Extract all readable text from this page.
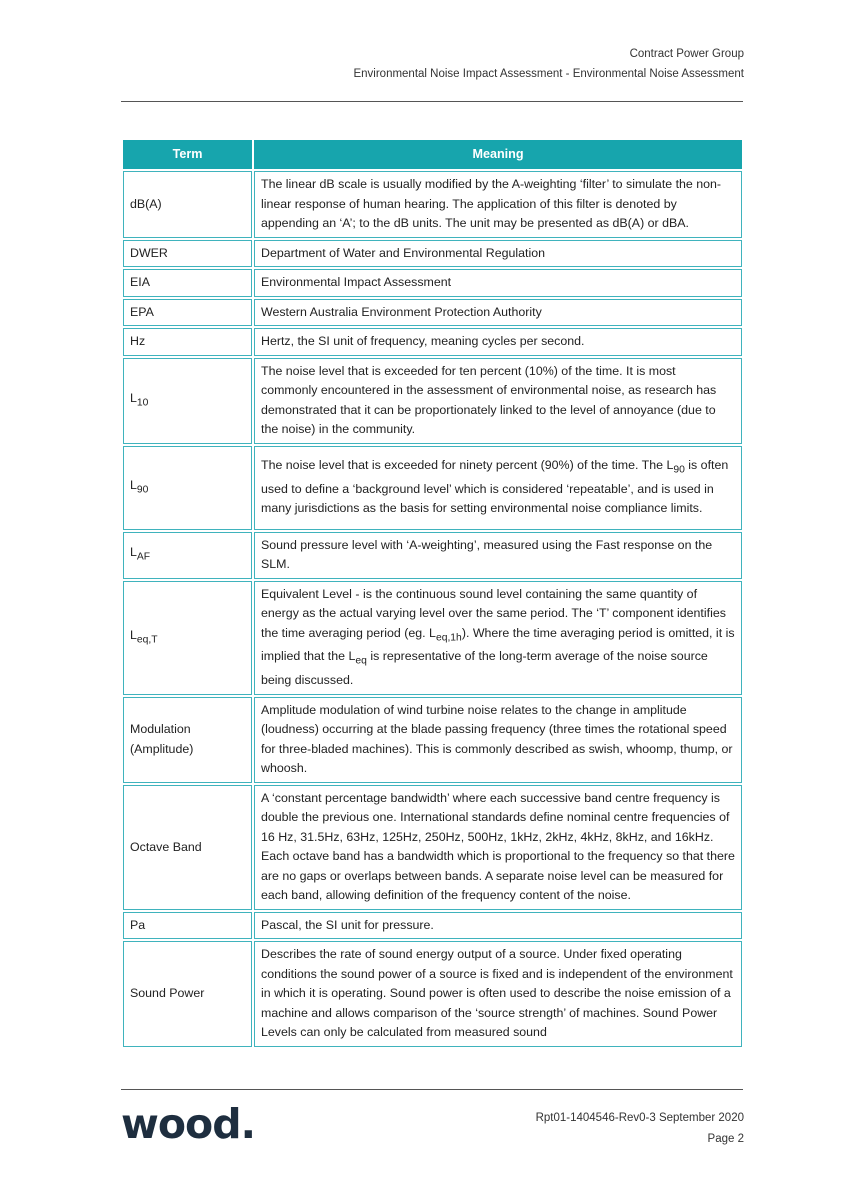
Contract Power Group
Environmental Noise Impact Assessment - Environmental Noise Assessment
Term	Meaning
dB(A)	The linear dB scale is usually modified by the A-weighting ‘filter’ to simulate the non-linear response of human hearing. The application of this filter is denoted by appending an ‘A’; to the dB units. The unit may be presented as dB(A) or dBA.
DWER	Department of Water and Environmental Regulation
EIA	Environmental Impact Assessment
EPA	Western Australia Environment Protection Authority
Hz	Hertz, the SI unit of frequency, meaning cycles per second.
$L_{10}$	The noise level that is exceeded for ten percent (10%) of the time. It is most commonly encountered in the assessment of environmental noise, as research has demonstrated that it can be proportionately linked to the level of annoyance (due to the noise) in the community.
$L_{90}$	The noise level that is exceeded for ninety percent (90%) of the time. The $L_{90}$ is often used to define a ‘background level’ which is considered ‘repeatable’, and is used in many jurisdictions as the basis for setting environmental noise compliance limits.
$L_{AF}$	Sound pressure level with ‘A-weighting’, measured using the Fast response on the SLM.
$L_{eq,T}$	Equivalent Level - is the continuous sound level containing the same quantity of energy as the actual varying level over the same period. The ‘T’ component identifies the time averaging period (eg. $L_{eq,1h}$). Where the time averaging period is omitted, it is implied that the $L_{eq}$ is representative of the long-term average of the noise source being discussed.

Modulation
(Amplitude)	Amplitude modulation of wind turbine noise relates to the change in amplitude (loudness) occurring at the blade passing frequency (three times the rotational speed for three-bladed machines). This is commonly described as swish, whoomp, thump, or whoosh.
Octave Band	A ‘constant percentage bandwidth’ where each successive band centre frequency is double the previous one. International standards define nominal centre frequencies of 16 Hz, 31.5Hz, 63Hz, 125Hz, 250Hz, 500Hz, 1kHz, 2kHz, 4kHz, 8kHz, and 16kHz. Each octave band has a bandwidth which is proportional to the frequency so that there are no gaps or overlaps between bands. A separate noise level can be measured for each band, allowing definition of the frequency content of the noise.
Pa	Pascal, the SI unit for pressure.
Sound Power	Describes the rate of sound energy output of a source. Under fixed operating conditions the sound power of a source is fixed and is independent of the environment in which it is operating. Sound power is often used to describe the noise emission of a machine and allows comparison of the ‘source strength’ of machines. Sound Power Levels can only be calculated from measured sound
wood.	Rpt01-1404546-Rev0-3 September 2020
Page 2
